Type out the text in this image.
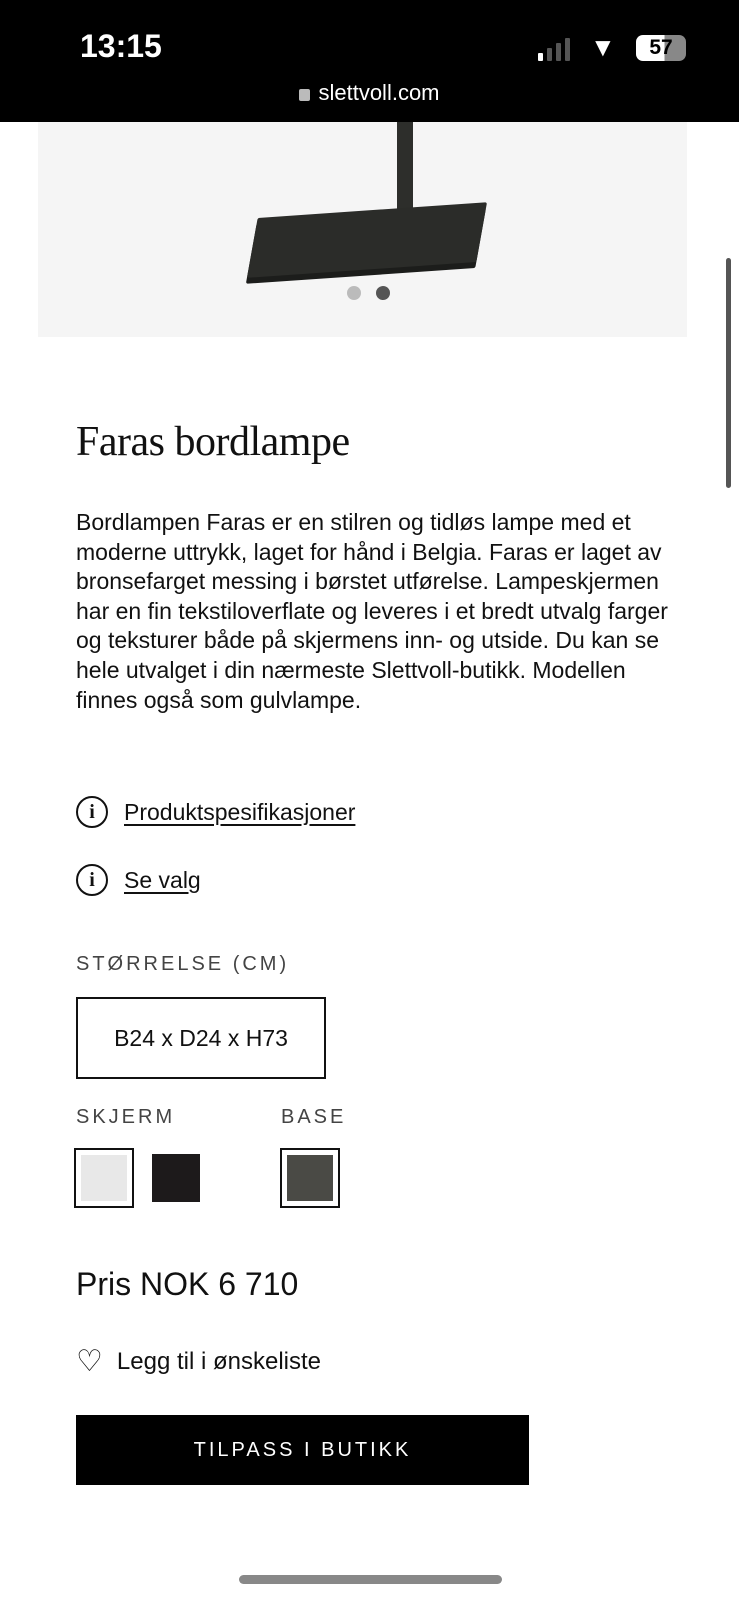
13:15	▼	57
slettvoll.com
Faras bordlampe

Bordlampen Faras er en stilren og tidløs lampe med et moderne uttrykk, laget for hånd i Belgia. Faras er laget av bronsefarget messing i børstet utførelse. Lampeskjermen har en fin tekstiloverflate og leveres i et bredt utvalg farger og teksturer både på skjermens inn- og utside. Du kan se hele utvalget i din nærmeste Slettvoll-butikk. Modellen finnes også som gulvlampe.

i	Produktspesifikasjoner
i	Se valg
STØRRELSE (CM)
B24 x D24 x H73
SKJERM	BASE
Pris NOK 6 710
♡ Legg til i ønskeliste
TILPASS I BUTIKK
